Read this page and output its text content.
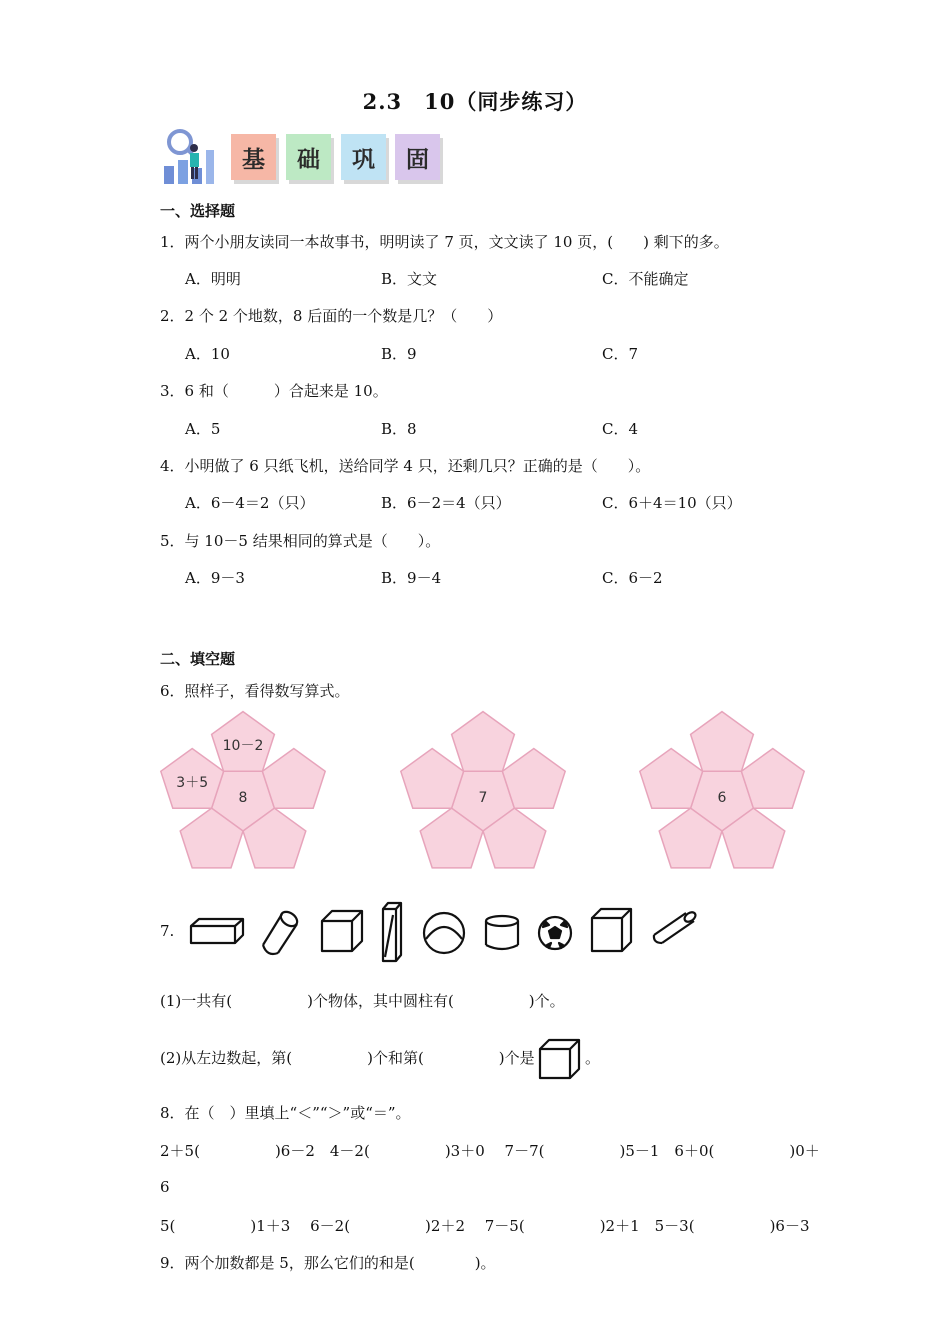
2.3　10（同步练习）
基	础	巩	固
一、选择题
1．两个小朋友读同一本故事书，明明读了 7 页，文文读了 10 页，(　　) 剩下的多。
A．明明	B．文文	C．不能确定
2．2 个 2 个地数，8 后面的一个数是几？（　　）
A．10	B．9	C．7
3．6 和（　　　）合起来是 10。
A．5	B．8	C．4
4．小明做了 6 只纸飞机，送给同学 4 只，还剩几只？正确的是（　　）。
A．6－4＝2（只）	B．6－2＝4（只）	C．6＋4＝10（只）
5．与 10－5 结果相同的算式是（　　）。
A．9－3	B．9－4	C．6－2
二、填空题
6．照样子，看得数写算式。
8
10－2
3＋5
7	6
7.
(1)一共有(　　　　　)个物体，其中圆柱有(　　　　　)个。
(2)从左边数起，第(　　　　　)个和第(　　　　　)个是	。
8．在（　）里填上“＜”“＞”或“＝”。
2＋5(　　　　　)6－2　4－2(　　　　　)3＋0　 7－7(　　　　　)5－1　6＋0(　　　　　)0＋
6
5(　　　　　)1＋3　 6－2(　　　　　)2＋2　 7－5(　　　　　)2＋1　5－3(　　　　　)6－3
9．两个加数都是 5，那么它们的和是(　　　　)。
